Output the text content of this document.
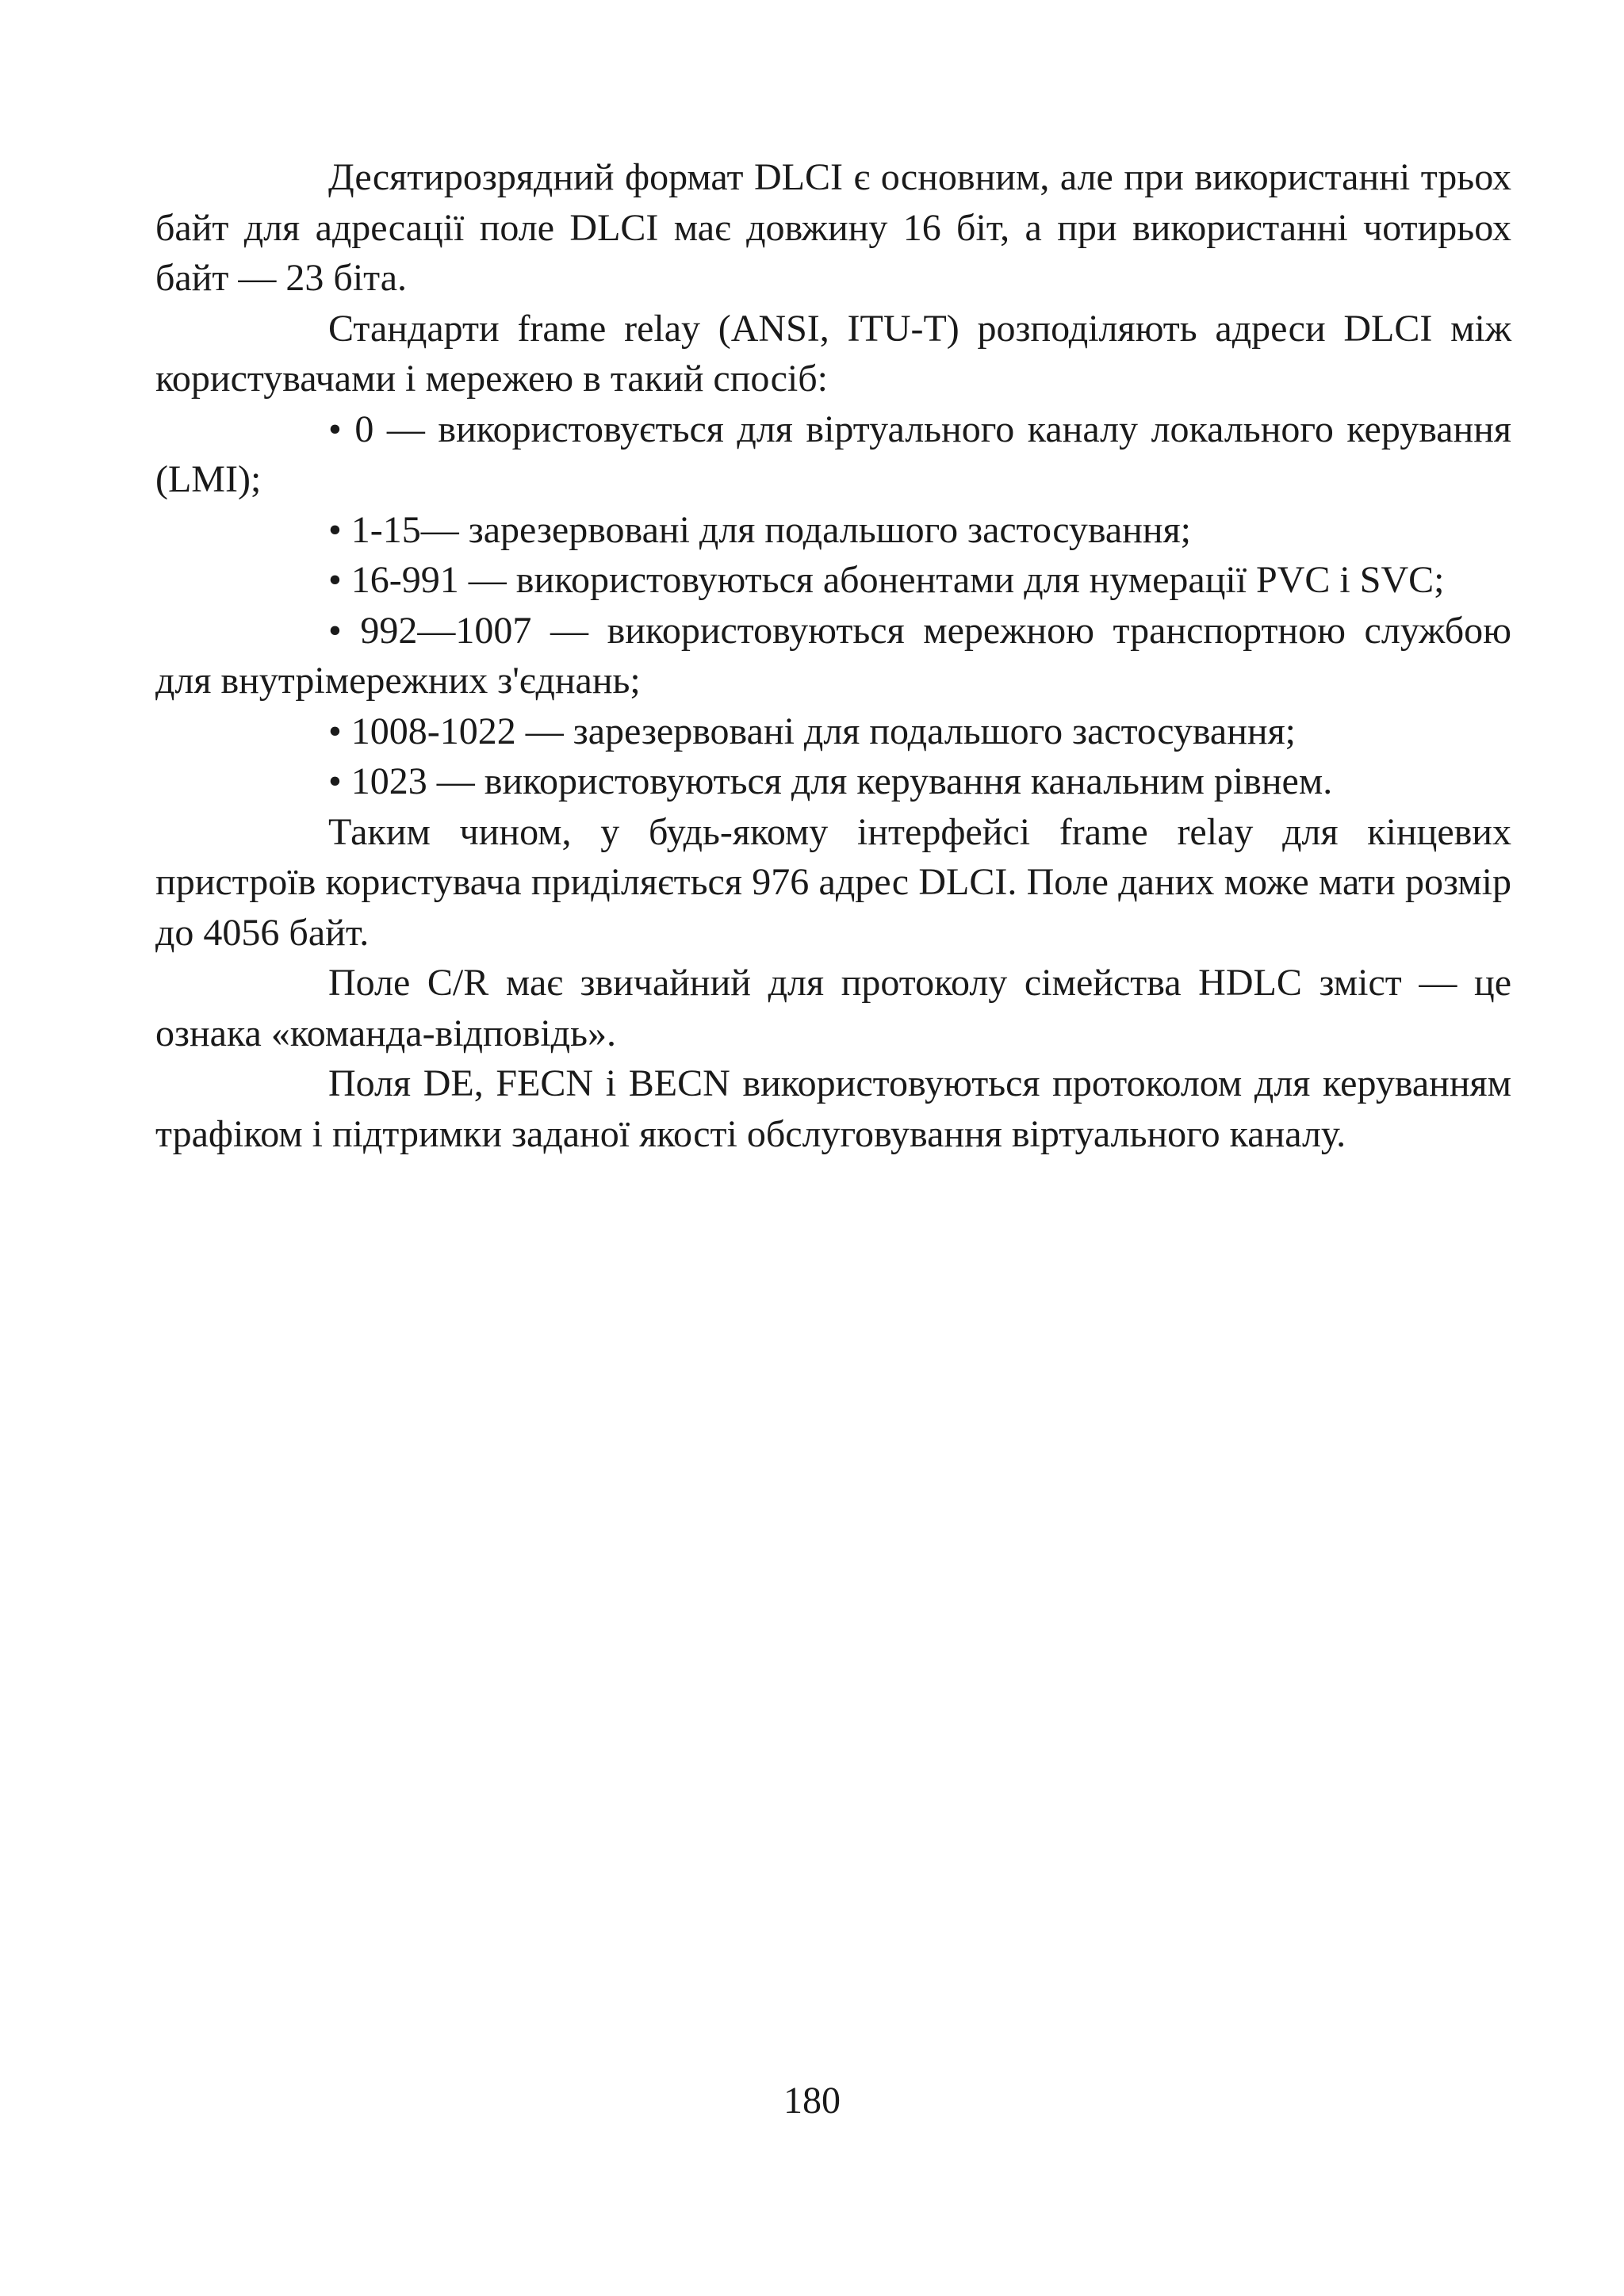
Десятирозрядний формат DLCI є основним, але при використанні трьох байт для адресації поле DLCI має довжину 16 біт, а при використанні чотирьох байт — 23 біта.

Стандарти frame relay (ANSI, ITU-T) розподіляють адреси DLCI між користувачами і мережею в такий спосіб:

• 0 — використовується для віртуального каналу локального керування (LMI);

• 1-15— зарезервовані для подальшого застосування;

• 16-991 — використовуються абонентами для нумерації PVC і SVC;

• 992—1007 — використовуються мережною транспортною службою для внутрімережних з'єднань;

• 1008-1022 — зарезервовані для подальшого застосування;

• 1023 — використовуються для керування канальним рівнем.

Таким чином, у будь-якому інтерфейсі frame relay для кінцевих пристроїв користувача приділяється 976 адрес DLCI. Поле даних може мати розмір до 4056 байт.

Поле C/R має звичайний для протоколу сімейства HDLC зміст — це ознака «команда-відповідь».

Поля DE, FECN і BECN використовуються протоколом для керуванням трафіком і підтримки заданої якості обслуговування віртуального каналу.

180
